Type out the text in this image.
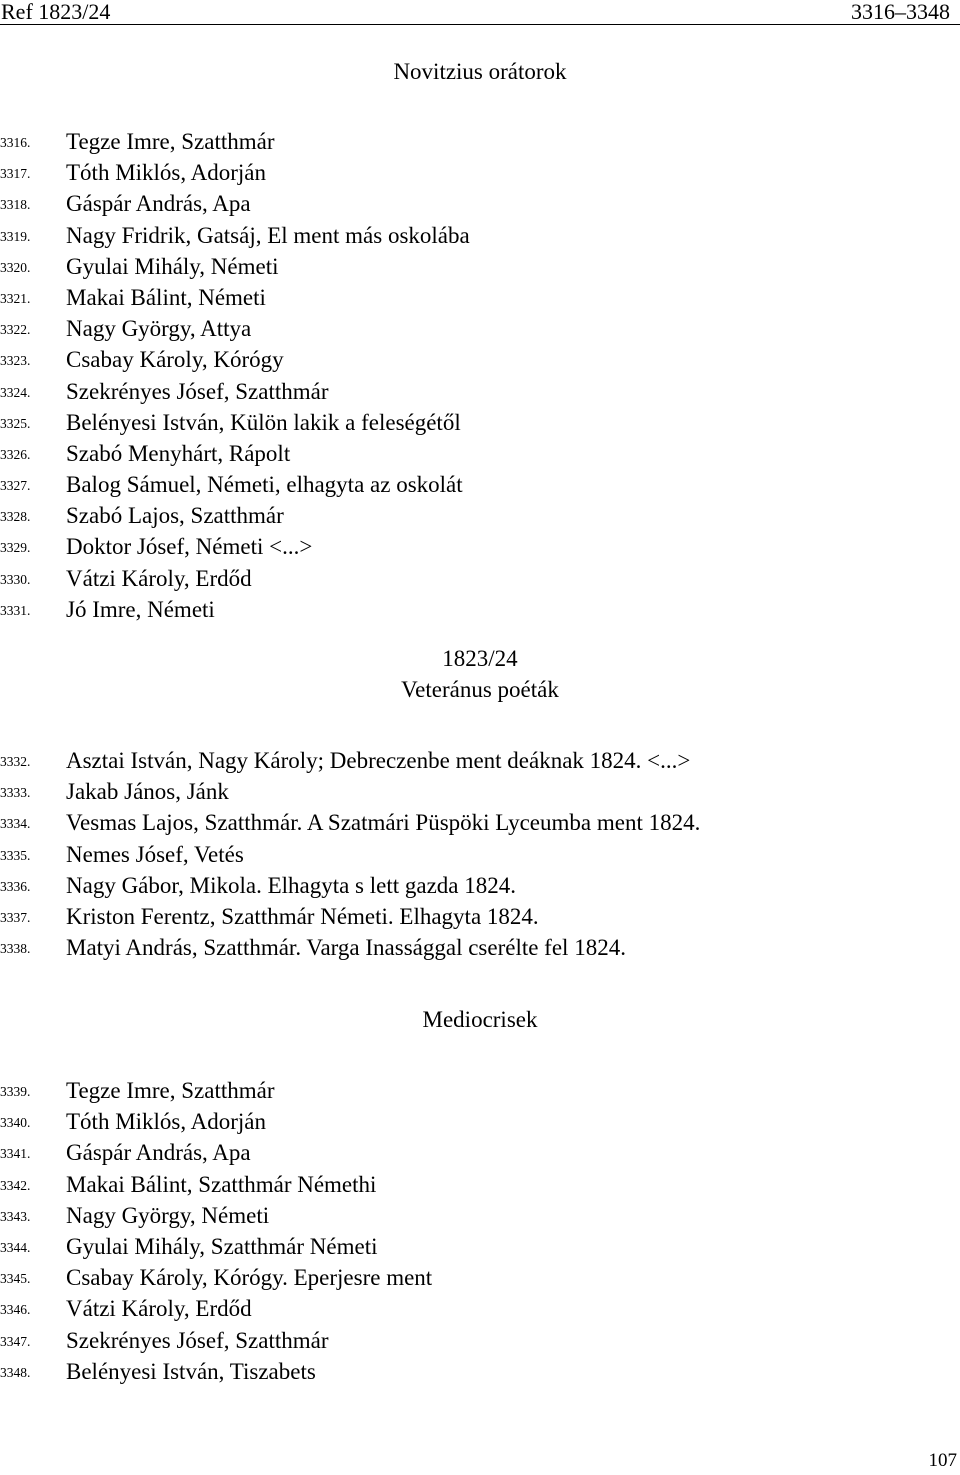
Ref 1823/24	3316–3348
Novitzius orátorok
3316. Tegze Imre, Szatthmár
3317. Tóth Miklós, Adorján
3318. Gáspár András, Apa
3319. Nagy Fridrik, Gatsáj, El ment más oskolába
3320. Gyulai Mihály, Németi
3321. Makai Bálint, Németi
3322. Nagy György, Attya
3323. Csabay Károly, Kórógy
3324. Szekrényes Jósef, Szatthmár
3325. Belényesi István, Külön lakik a feleségétől
3326. Szabó Menyhárt, Rápolt
3327. Balog Sámuel, Németi, elhagyta az oskolát
3328. Szabó Lajos, Szatthmár
3329. Doktor Jósef, Németi <...>
3330. Vátzi Károly, Erdőd
3331. Jó Imre, Németi
1823/24
Veteránus poéták
3332. Asztai István, Nagy Károly; Debreczenbe ment deáknak 1824. <...>
3333. Jakab János, Jánk
3334. Vesmas Lajos, Szatthmár. A Szatmári Püspöki Lyceumba ment 1824.
3335. Nemes Jósef, Vetés
3336. Nagy Gábor, Mikola. Elhagyta s lett gazda 1824.
3337. Kriston Ferentz, Szatthmár Németi. Elhagyta 1824.
3338. Matyi András, Szatthmár. Varga Inassággal cserélte fel 1824.
Mediocrisek
3339. Tegze Imre, Szatthmár
3340. Tóth Miklós, Adorján
3341. Gáspár András, Apa
3342. Makai Bálint, Szatthmár Némethi
3343. Nagy György, Németi
3344. Gyulai Mihály, Szatthmár Németi
3345. Csabay Károly, Kórógy. Eperjesre ment
3346. Vátzi Károly, Erdőd
3347. Szekrényes Jósef, Szatthmár
3348. Belényesi István, Tiszabets
107
